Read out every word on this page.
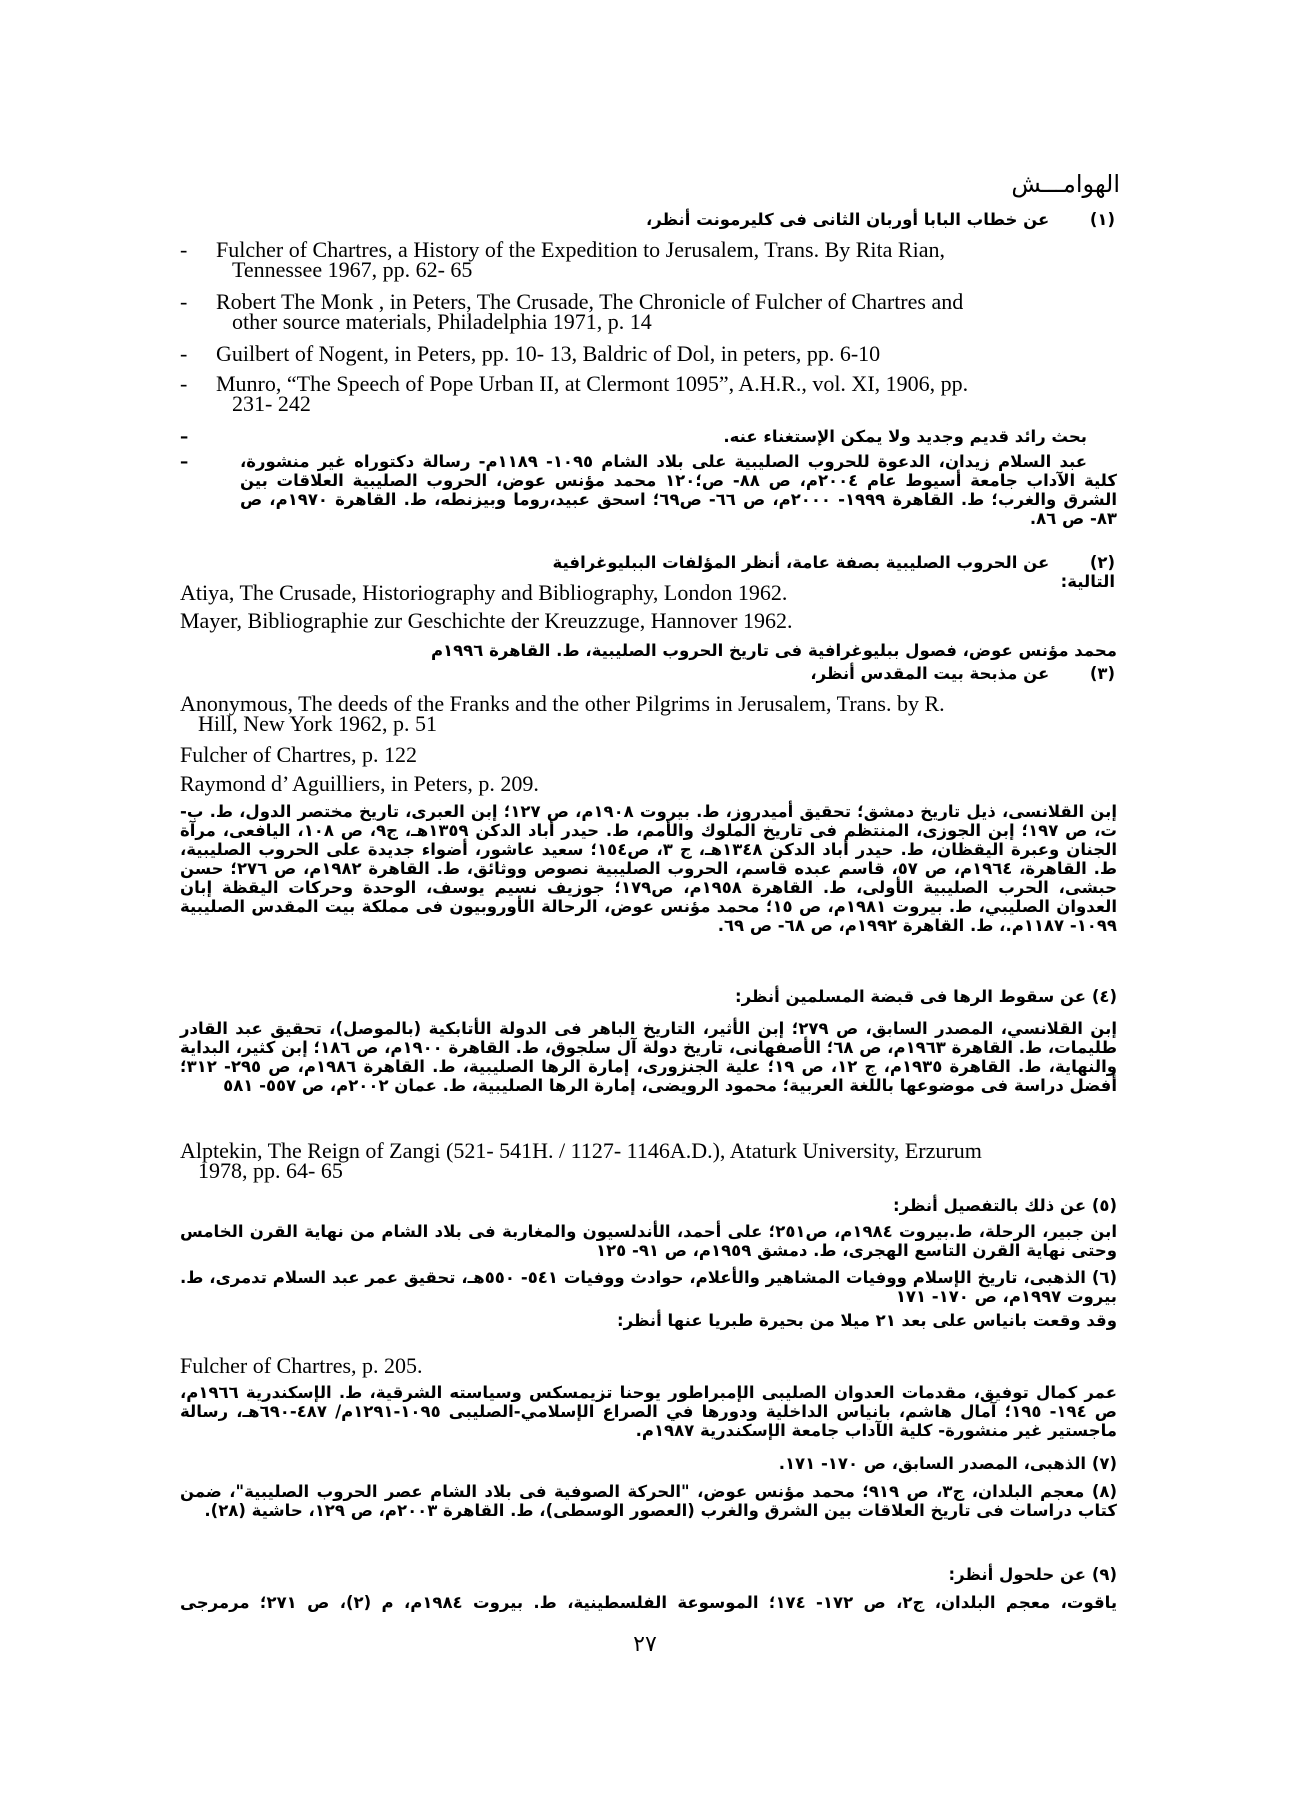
الهوامـــش
(١) عن خطاب البابا أوربان الثانى فى كليرمونت أنظر،
- Fulcher of Chartres, a History of the Expedition to Jerusalem, Trans. By Rita Rian,
Tennessee 1967, pp. 62- 65
- Robert The Monk , in Peters, The Crusade, The Chronicle of Fulcher of Chartres and
other source materials, Philadelphia 1971, p. 14
- Guilbert of Nogent, in Peters, pp. 10- 13, Baldric of Dol, in peters, pp. 6-10
- Munro, “The Speech of Pope Urban II, at Clermont 1095”, A.H.R., vol. XI, 1906, pp.
231- 242
–	بحث رائد قديم وجديد ولا يمكن الإستغناء عنه.
–	عبد السلام زيدان، الدعوة للحروب الصليبية على بلاد الشام ١٠٩٥- ١١٨٩م- رسالة دكتوراه غير منشورة، كلية الآداب جامعة أسيوط عام ٢٠٠٤م، ص ٨٨- ص؛١٢٠ محمد مؤنس عوض، الحروب الصليبية العلاقات بين الشرق والغرب؛ ط. القاهرة ١٩٩٩- ٢٠٠٠م، ص ٦٦- ص٦٩؛ اسحق عبيد،روما وبيزنطه، ط. القاهرة ١٩٧٠م، ص ٨٣- ص ٨٦.
(٢) عن الحروب الصليبية بصفة عامة، أنظر المؤلفات الببليوغرافية التالية:
Atiya, The Crusade, Historiography and Bibliography, London 1962.
Mayer, Bibliographie zur Geschichte der Kreuzzuge, Hannover 1962.
محمد مؤنس عوض، فصول ببليوغرافية فى تاريخ الحروب الصليبية، ط. القاهرة ١٩٩٦م
(٣) عن مذبحة بيت المقدس أنظر،
Anonymous, The deeds of the Franks and the other Pilgrims in Jerusalem, Trans. by R.
Hill, New York 1962, p. 51
Fulcher of Chartres, p. 122
Raymond d’ Aguilliers, in Peters, p. 209.
إبن القلانسى، ذيل تاريخ دمشق؛ تحقيق أميدروز، ط. بيروت ١٩٠٨م، ص ١٢٧؛ إبن العبرى، تاريخ مختصر الدول، ط. ب-ت، ص ١٩٧؛ إبن الجوزى، المنتظم فى تاريخ الملوك والأمم، ط. حيدر أباد الدكن ١٣٥٩هـ، ج٩، ص ١٠٨، اليافعى، مرآة الجنان وعبرة اليقظان، ط. حيدر أباد الدكن ١٣٤٨هـ، ج ٣، ص١٥٤؛ سعيد عاشور، أضواء جديدة على الحروب الصليبية، ط. القاهرة، ١٩٦٤م، ص ٥٧، قاسم عبده قاسم، الحروب الصليبية نصوص ووثائق، ط. القاهرة ١٩٨٢م، ص ٢٧٦؛ حسن حبشى، الحرب الصليبية الأولى، ط. القاهرة ١٩٥٨م، ص١٧٩؛ جوزيف نسيم يوسف، الوحدة وحركات اليقظة إبان العدوان الصليبي، ط. بيروت ١٩٨١م، ص ١٥؛ محمد مؤنس عوض، الرحالة الأوروبيون فى مملكة بيت المقدس الصليبية ١٠٩٩- ١١٨٧م.، ط. القاهرة ١٩٩٢م، ص ٦٨- ص ٦٩.
(٤) عن سقوط الرها فى قبضة المسلمين أنظر:
إبن القلانسي، المصدر السابق، ص ٢٧٩؛ إبن الأثير، التاريخ الباهر فى الدولة الأتابكية (بالموصل)، تحقيق عبد القادر طليمات، ط. القاهرة ١٩٦٣م، ص ٦٨؛ الأصفهانى، تاريخ دولة آل سلجوق، ط. القاهرة ١٩٠٠م، ص ١٨٦؛ إبن كثير، البداية والنهاية، ط. القاهرة ١٩٣٥م، ج ١٢، ص ١٩؛ علية الجنزورى، إمارة الرها الصليبية، ط. القاهرة ١٩٨٦م، ص ٢٩٥- ٣١٢؛ أفضل دراسة فى موضوعها باللغة العربية؛ محمود الرويضى، إمارة الرها الصليبية، ط. عمان ٢٠٠٢م، ص ٥٥٧- ٥٨١
Alptekin, The Reign of Zangi (521- 541H. / 1127- 1146A.D.), Ataturk University, Erzurum
1978, pp. 64- 65
(٥) عن ذلك بالتفصيل أنظر:
ابن جبير، الرحلة، ط.بيروت ١٩٨٤م، ص٢٥١؛ على أحمد، الأندلسيون والمغاربة فى بلاد الشام من نهاية القرن الخامس وحتى نهاية القرن التاسع الهجرى، ط. دمشق ١٩٥٩م، ص ٩١- ١٢٥
(٦) الذهبى، تاريخ الإسلام ووفيات المشاهير والأعلام، حوادث ووفيات ٥٤١- ٥٥٠هـ، تحقيق عمر عبد السلام تدمرى، ط. بيروت ١٩٩٧م، ص ١٧٠- ١٧١
وقد وقعت بانياس على بعد ٢١ ميلا من بحيرة طبريا عنها أنظر:
Fulcher of Chartres, p. 205.
عمر كمال توفيق، مقدمات العدوان الصليبى الإمبراطور يوحنا تزيمسكس وسياسته الشرقية، ط. الإسكندرية ١٩٦٦م، ص ١٩٤- ١٩٥؛ آمال هاشم، بانياس الداخلية ودورها في الصراع الإسلامي-الصليبى ١٠٩٥-١٢٩١م/ ٤٨٧-٦٩٠هـ، رسالة ماجستير غير منشورة- كلية الآداب جامعة الإسكندرية ١٩٨٧م.
(٧) الذهبى، المصدر السابق، ص ١٧٠- ١٧١.
(٨) معجم البلدان، ج٣، ص ٩١٩؛ محمد مؤنس عوض، "الحركة الصوفية فى بلاد الشام عصر الحروب الصليبية"، ضمن كتاب دراسات فى تاريخ العلاقات بين الشرق والغرب (العصور الوسطى)، ط. القاهرة ٢٠٠٣م، ص ١٢٩، حاشية (٢٨).
(٩) عن حلحول أنظر:
ياقوت، معجم البلدان، ج٢، ص ١٧٢- ١٧٤؛ الموسوعة الفلسطينية، ط. بيروت ١٩٨٤م، م (٢)، ص ٢٧١؛ مرمرجى
٢٧
